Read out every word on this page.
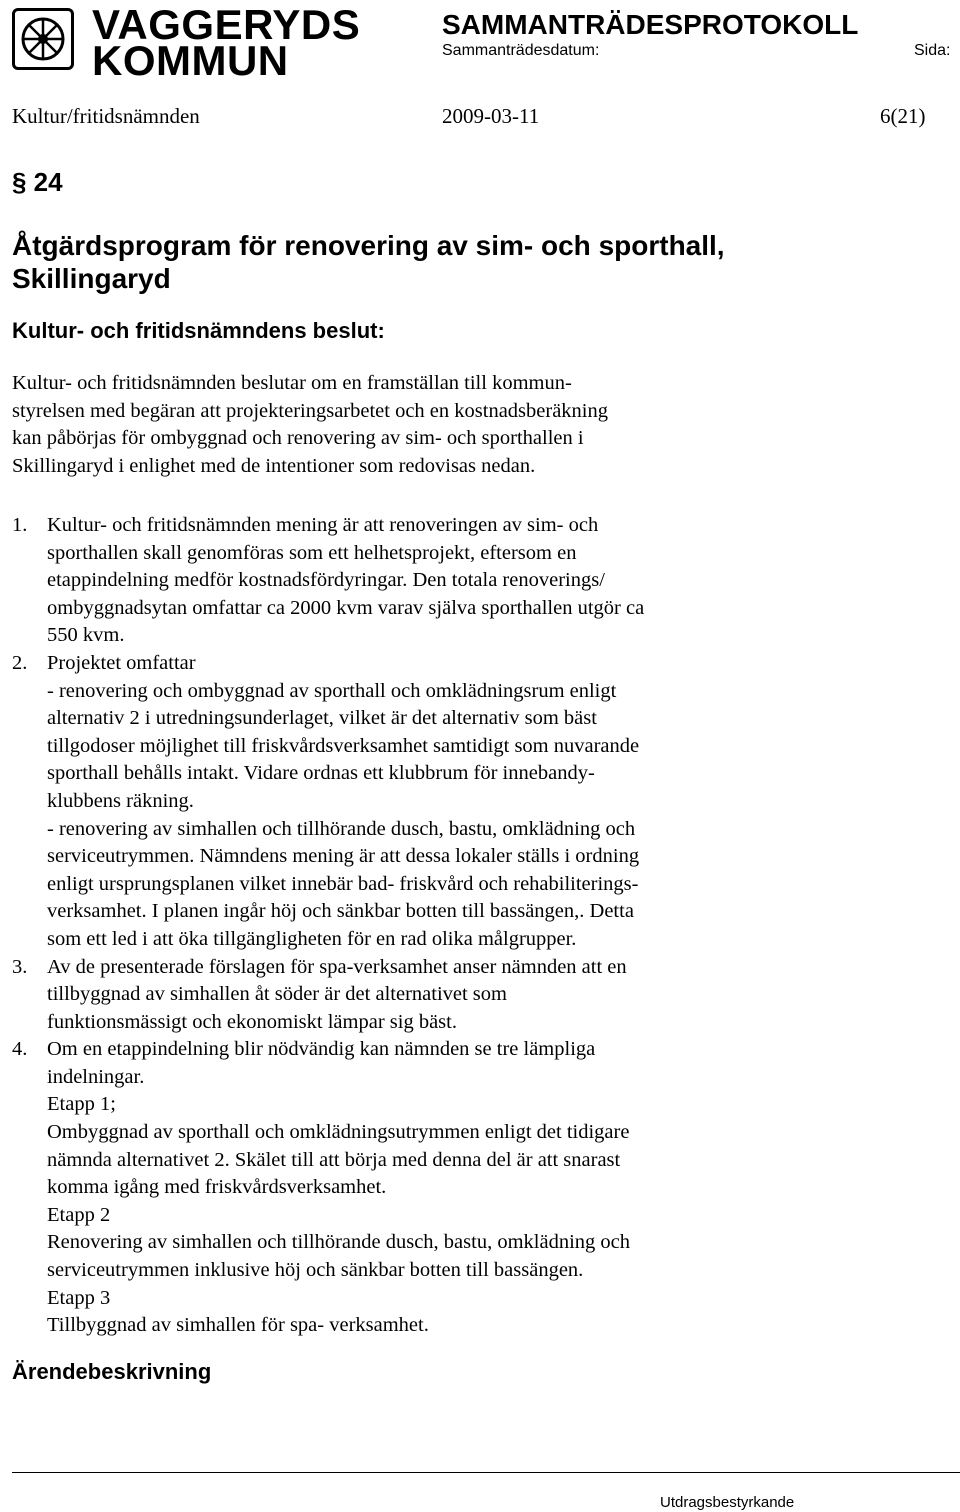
VAGGERYDS
KOMMUN
SAMMANTRÄDESPROTOKOLL
Sammanträdesdatum:	Sida:
Kultur/fritidsnämnden	2009-03-11	6(21)
§ 24
Åtgärdsprogram för renovering av sim- och sporthall,
Skillingaryd
Kultur- och fritidsnämndens beslut:
Kultur- och fritidsnämnden beslutar om en framställan till kommun-
styrelsen med begäran att projekteringsarbetet och en kostnadsberäkning
kan påbörjas för ombyggnad och renovering av sim- och sporthallen i
Skillingaryd i enlighet med de intentioner som redovisas nedan.
1. Kultur- och fritidsnämnden mening är att renoveringen av sim- och
sporthallen skall genomföras som ett helhetsprojekt, eftersom en
etappindelning medför kostnadsfördyringar. Den totala renoverings/
ombyggnadsytan omfattar ca 2000 kvm varav själva sporthallen utgör ca
550 kvm.
2. Projektet omfattar
- renovering och ombyggnad av sporthall och omklädningsrum enligt
alternativ 2 i utredningsunderlaget, vilket är det alternativ som bäst
tillgodoser möjlighet till friskvårdsverksamhet samtidigt som nuvarande
sporthall behålls intakt. Vidare ordnas ett klubbrum för innebandy-
klubbens räkning.
- renovering av simhallen och tillhörande dusch, bastu, omklädning och
serviceutrymmen. Nämndens mening är att dessa lokaler ställs i ordning
enligt ursprungsplanen vilket innebär bad- friskvård och rehabiliterings-
verksamhet. I planen ingår höj och sänkbar botten till bassängen,. Detta
som ett led i att öka tillgängligheten för en rad olika målgrupper.
3. Av de presenterade förslagen för spa-verksamhet anser nämnden att en
tillbyggnad av simhallen åt söder är det alternativet som
funktionsmässigt och ekonomiskt lämpar sig bäst.
4. Om en etappindelning blir nödvändig kan nämnden se tre lämpliga
indelningar.
Etapp 1;
Ombyggnad av sporthall och omklädningsutrymmen enligt det tidigare
nämnda alternativet 2. Skälet till att börja med denna del är att snarast
komma igång med friskvårdsverksamhet.
Etapp 2
Renovering av simhallen och tillhörande dusch, bastu, omklädning och
serviceutrymmen inklusive höj och sänkbar botten till bassängen.
Etapp 3
Tillbyggnad av simhallen för spa- verksamhet.
Ärendebeskrivning
Utdragsbestyrkande
